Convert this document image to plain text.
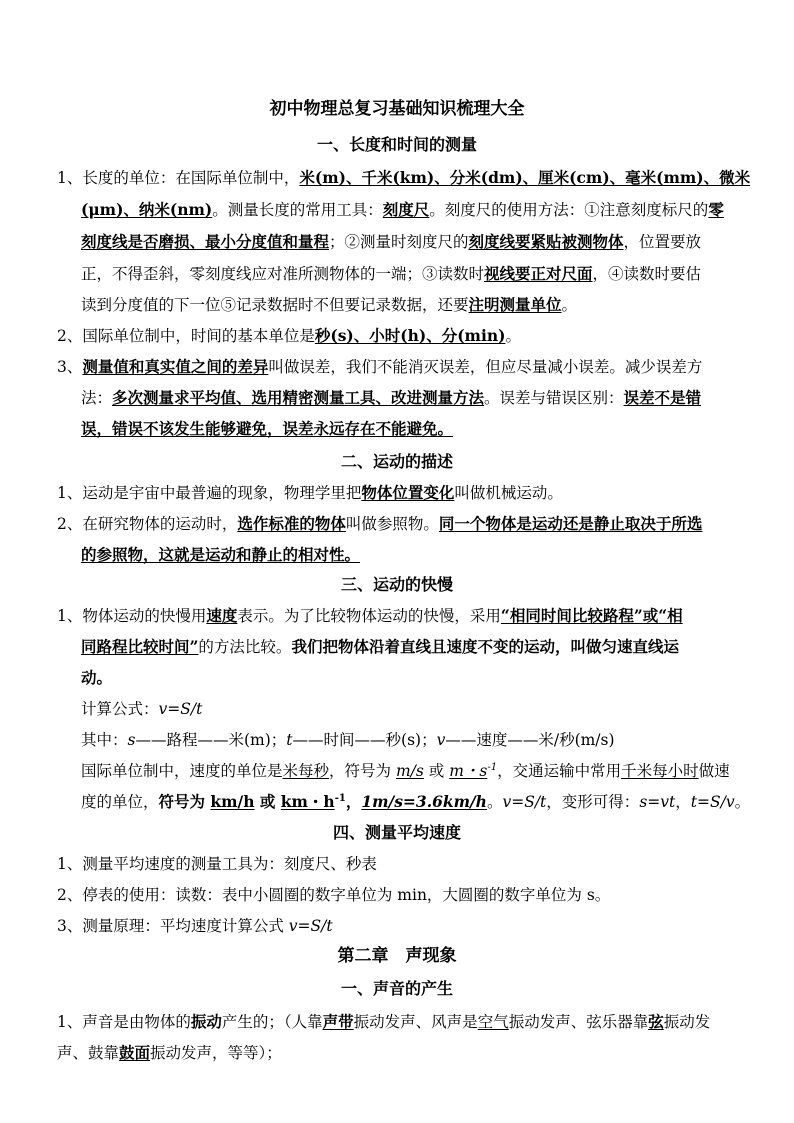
初中物理总复习基础知识梳理大全
一、长度和时间的测量
1、长度的单位：在国际单位制中，米(m)、千米(km)、分米(dm)、厘米(cm)、毫米(mm)、微米
(μm)、纳米(nm)。测量长度的常用工具：刻度尺。刻度尺的使用方法：①注意刻度标尺的零
刻度线是否磨损、最小分度值和量程；②测量时刻度尺的刻度线要紧贴被测物体，位置要放
正，不得歪斜，零刻度线应对准所测物体的一端；③读数时视线要正对尺面，④读数时要估
读到分度值的下一位⑤记录数据时不但要记录数据，还要注明测量单位。
2、国际单位制中，时间的基本单位是秒(s)、小时(h)、分(min)。
3、测量值和真实值之间的差异叫做误差，我们不能消灭误差，但应尽量减小误差。减少误差方
法：多次测量求平均值、选用精密测量工具、改进测量方法。误差与错误区别：误差不是错
误，错误不该发生能够避免，误差永远存在不能避免。
二、运动的描述
1、运动是宇宙中最普遍的现象，物理学里把物体位置变化叫做机械运动。
2、在研究物体的运动时，选作标准的物体叫做参照物。同一个物体是运动还是静止取决于所选
的参照物，这就是运动和静止的相对性。
三、运动的快慢
1、物体运动的快慢用速度表示。为了比较物体运动的快慢，采用“相同时间比较路程”或“相
同路程比较时间”的方法比较。我们把物体沿着直线且速度不变的运动，叫做匀速直线运
动。
计算公式：v=S/t
其中：s——路程——米(m)；t——时间——秒(s)；v——速度——米/秒(m/s)
国际单位制中，速度的单位是米每秒，符号为 m/s 或 m・$s^{-1}$，交通运输中常用千米每小时做速
度的单位，符号为 km/h 或 km・$h^{-1}$，1m/s=3.6km/h。v=S/t，变形可得：s=vt，t=S/v。
四、测量平均速度
1、测量平均速度的测量工具为：刻度尺、秒表
2、停表的使用：读数：表中小圆圈的数字单位为 min，大圆圈的数字单位为 s。
3、测量原理：平均速度计算公式 v=S/t
第二章　声现象
一、声音的产生
1、声音是由物体的振动产生的；（人靠声带振动发声、风声是空气振动发声、弦乐器靠弦振动发
声、鼓靠鼓面振动发声，等等）；
